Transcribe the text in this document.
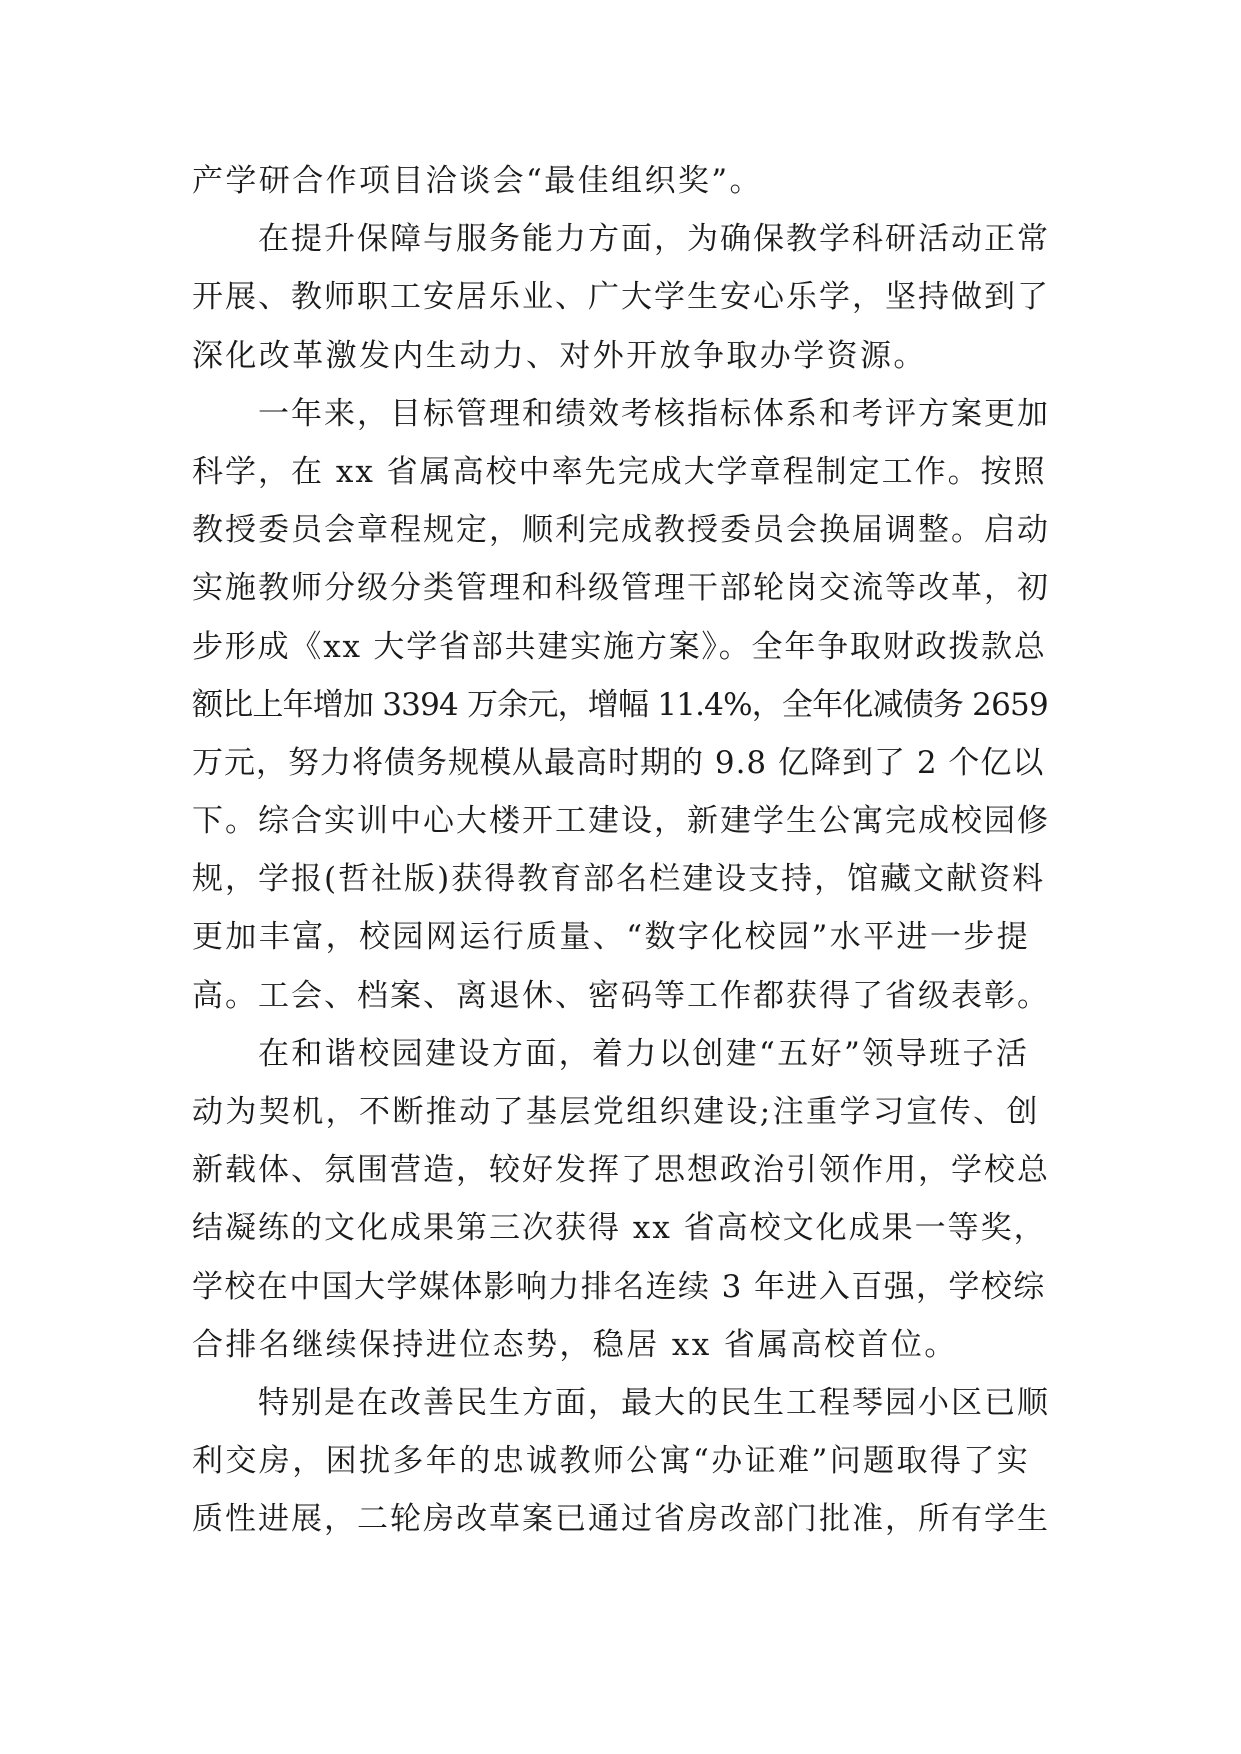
产学研合作项目洽谈会“最佳组织奖”。
在提升保障与服务能力方面，为确保教学科研活动正常
开展、教师职工安居乐业、广大学生安心乐学，坚持做到了
深化改革激发内生动力、对外开放争取办学资源。
一年来，目标管理和绩效考核指标体系和考评方案更加
科学，在 xx 省属高校中率先完成大学章程制定工作。按照
教授委员会章程规定，顺利完成教授委员会换届调整。启动
实施教师分级分类管理和科级管理干部轮岗交流等改革，初
步形成《xx 大学省部共建实施方案》。全年争取财政拨款总
额比上年增加 3394 万余元，增幅 11.4%，全年化减债务 2659
万元，努力将债务规模从最高时期的 9.8 亿降到了 2 个亿以
下。综合实训中心大楼开工建设，新建学生公寓完成校园修
规，学报(哲社版)获得教育部名栏建设支持，馆藏文献资料
更加丰富，校园网运行质量、“数字化校园”水平进一步提
高。工会、档案、离退休、密码等工作都获得了省级表彰。
在和谐校园建设方面，着力以创建“五好”领导班子活
动为契机，不断推动了基层党组织建设;注重学习宣传、创
新载体、氛围营造，较好发挥了思想政治引领作用，学校总
结凝练的文化成果第三次获得 xx 省高校文化成果一等奖，
学校在中国大学媒体影响力排名连续 3 年进入百强，学校综
合排名继续保持进位态势，稳居 xx 省属高校首位。
特别是在改善民生方面，最大的民生工程琴园小区已顺
利交房，困扰多年的忠诚教师公寓“办证难”问题取得了实
质性进展，二轮房改草案已通过省房改部门批准，所有学生
